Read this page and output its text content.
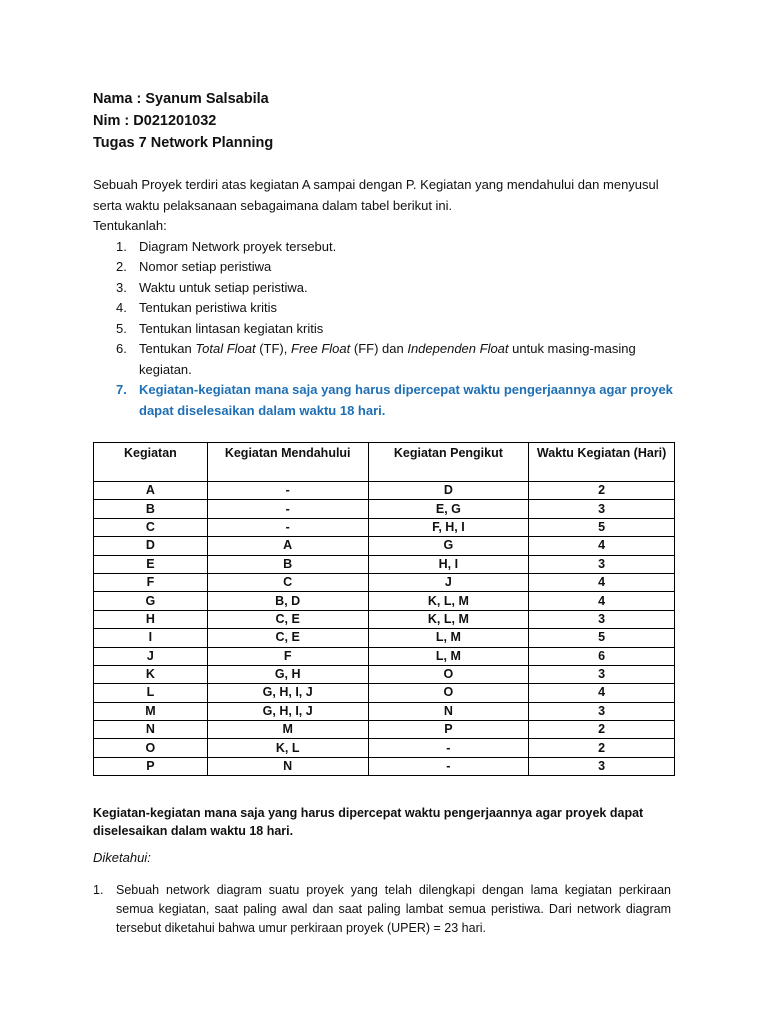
Nama : Syanum Salsabila
Nim : D021201032
Tugas 7 Network Planning

Sebuah Proyek terdiri atas kegiatan A sampai dengan P. Kegiatan yang mendahului dan menyusul serta waktu pelaksanaan sebagaimana dalam tabel berikut ini.

Tentukanlah:

1. Diagram Network proyek tersebut.
2. Nomor setiap peristiwa
3. Waktu untuk setiap peristiwa.
4. Tentukan peristiwa kritis
5. Tentukan lintasan kegiatan kritis
6. Tentukan Total Float (TF), Free Float (FF) dan Independen Float untuk masing-masing kegiatan.
7. Kegiatan-kegiatan mana saja yang harus dipercepat waktu pengerjaannya agar proyek dapat diselesaikan dalam waktu 18 hari.
Kegiatan	Kegiatan Mendahului	Kegiatan Pengikut	Waktu Kegiatan (Hari)
A	-	D	2
B	-	E, G	3
C	-	F, H, I	5
D	A	G	4
E	B	H, I	3
F	C	J	4
G	B, D	K, L, M	4
H	C, E	K, L, M	3
I	C, E	L, M	5
J	F	L, M	6
K	G, H	O	3
L	G, H, I, J	O	4
M	G, H, I, J	N	3
N	M	P	2
O	K, L	-	2
P	N	-	3
Kegiatan-kegiatan mana saja yang harus dipercepat waktu pengerjaannya agar proyek dapat diselesaikan dalam waktu 18 hari.
Diketahui:
1. Sebuah network diagram suatu proyek yang telah dilengkapi dengan lama kegiatan perkiraan semua kegiatan, saat paling awal dan saat paling lambat semua peristiwa. Dari network diagram tersebut diketahui bahwa umur perkiraan proyek (UPER) = 23 hari.
